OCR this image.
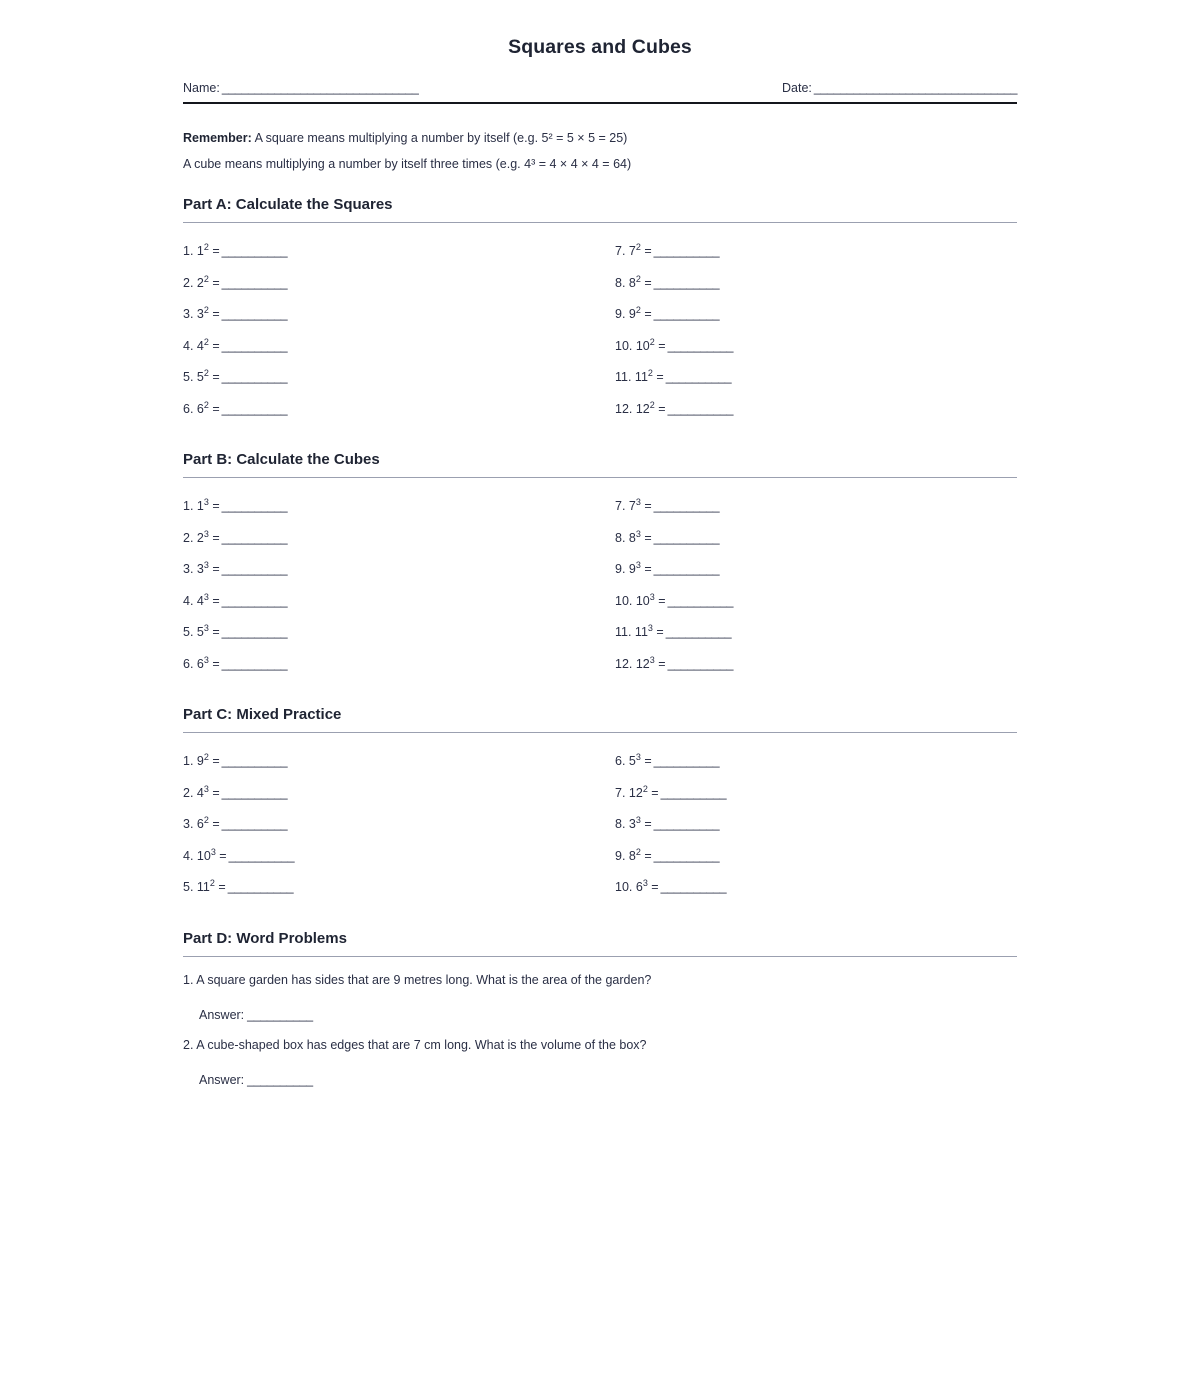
Squares and Cubes
Name: ______________________________	Date: _______________________________

Remember: A square means multiplying a number by itself (e.g. 5² = 5 × 5 = 25)

A cube means multiplying a number by itself three times (e.g. 4³ = 4 × 4 × 4 = 64)

Part A: Calculate the Squares
1. $1^2$ = __________	7. $7^2$ = __________
2. $2^2$ = __________	8. $8^2$ = __________
3. $3^2$ = __________	9. $9^2$ = __________
4. $4^2$ = __________	10. $10^2$ = __________
5. $5^2$ = __________	11. $11^2$ = __________
6. $6^2$ = __________	12. $12^2$ = __________
Part B: Calculate the Cubes
1. $1^3$ = __________	7. $7^3$ = __________
2. $2^3$ = __________	8. $8^3$ = __________
3. $3^3$ = __________	9. $9^3$ = __________
4. $4^3$ = __________	10. $10^3$ = __________
5. $5^3$ = __________	11. $11^3$ = __________
6. $6^3$ = __________	12. $12^3$ = __________
Part C: Mixed Practice
1. $9^2$ = __________	6. $5^3$ = __________
2. $4^3$ = __________	7. $12^2$ = __________
3. $6^2$ = __________	8. $3^3$ = __________
4. $10^3$ = __________	9. $8^2$ = __________
5. $11^2$ = __________	10. $6^3$ = __________
Part D: Word Problems
1. A square garden has sides that are 9 metres long. What is the area of the garden?
Answer: __________
2. A cube-shaped box has edges that are 7 cm long. What is the volume of the box?
Answer: __________
